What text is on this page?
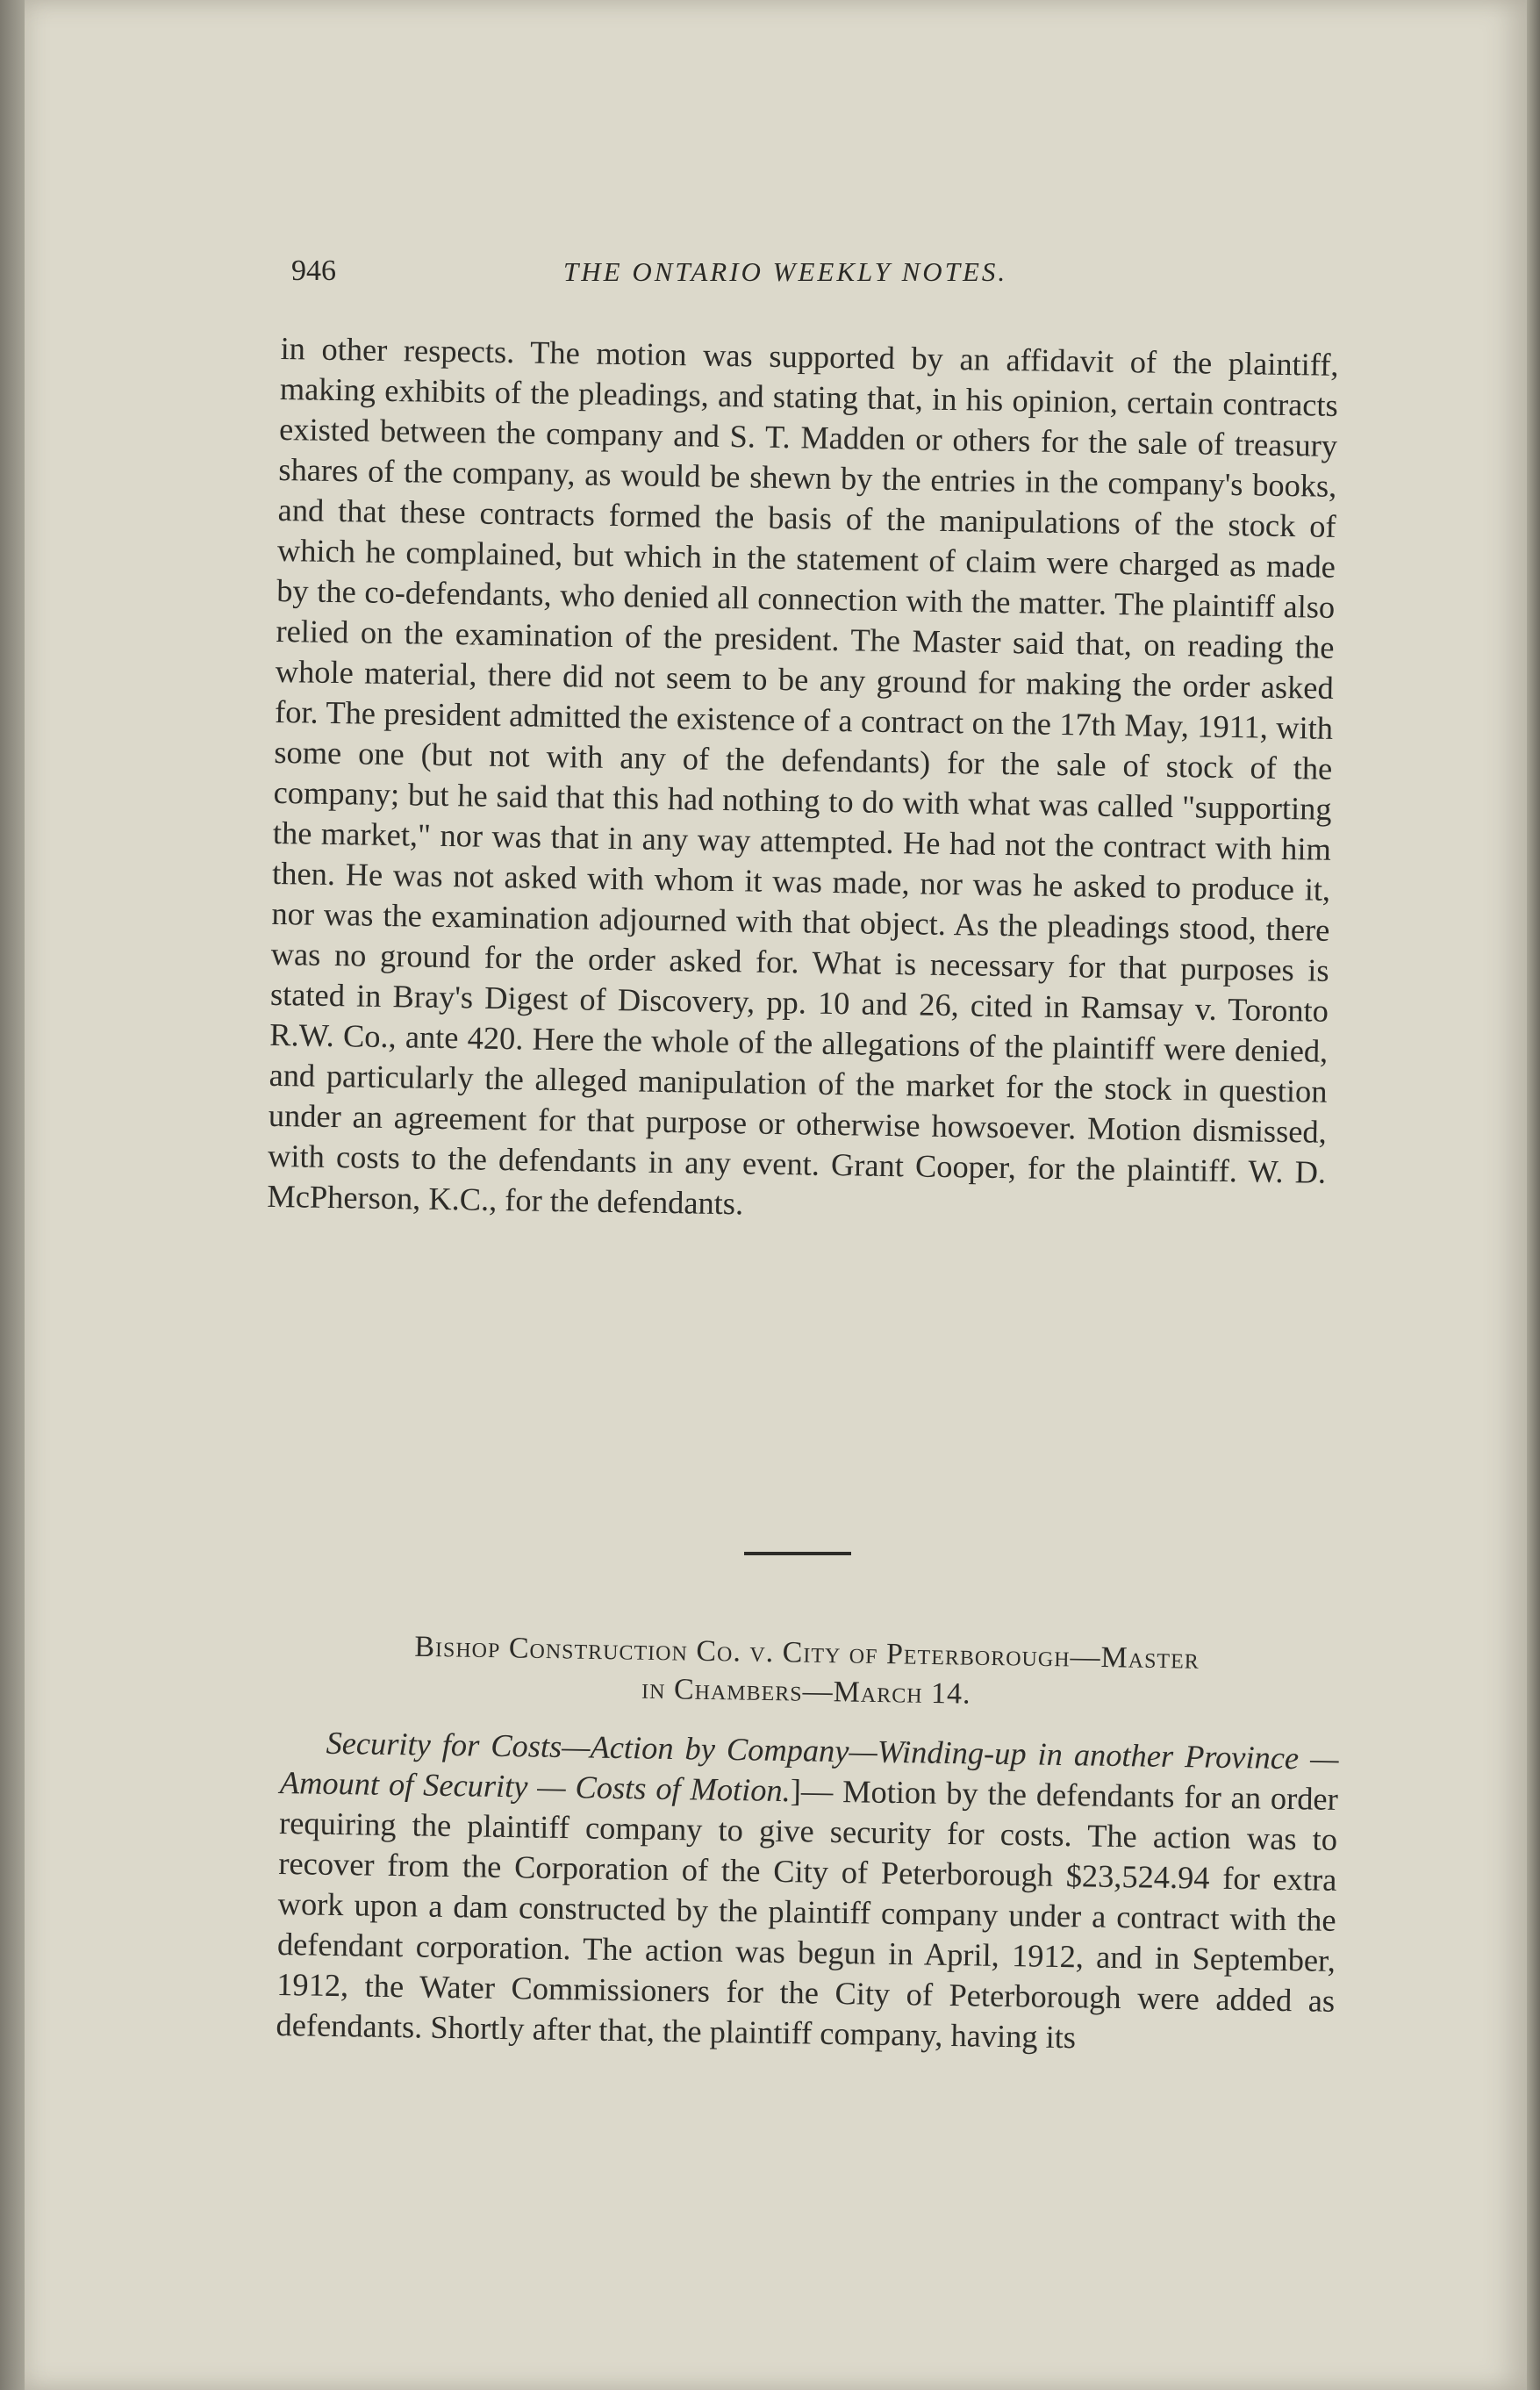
946	THE ONTARIO WEEKLY NOTES.

in other respects. The motion was supported by an affidavit of the plaintiff, making exhibits of the pleadings, and stating that, in his opinion, certain contracts existed between the company and S. T. Madden or others for the sale of treasury shares of the company, as would be shewn by the entries in the company's books, and that these contracts formed the basis of the manipulations of the stock of which he complained, but which in the statement of claim were charged as made by the co-defendants, who denied all connection with the matter. The plaintiff also relied on the examination of the president. The Master said that, on reading the whole material, there did not seem to be any ground for making the order asked for. The president admitted the existence of a contract on the 17th May, 1911, with some one (but not with any of the defendants) for the sale of stock of the company; but he said that this had nothing to do with what was called "supporting the market," nor was that in any way attempted. He had not the contract with him then. He was not asked with whom it was made, nor was he asked to produce it, nor was the examination adjourned with that object. As the pleadings stood, there was no ground for the order asked for. What is necessary for that purposes is stated in Bray's Digest of Discovery, pp. 10 and 26, cited in Ramsay v. Toronto R.W. Co., ante 420. Here the whole of the allegations of the plaintiff were denied, and particularly the alleged manipulation of the market for the stock in question under an agreement for that purpose or otherwise howsoever. Motion dismissed, with costs to the defendants in any event. Grant Cooper, for the plaintiff. W. D. McPherson, K.C., for the defendants.

Bishop Construction Co. v. City of Peterborough—Master
in Chambers—March 14.

Security for Costs—Action by Company—Winding-up in another Province — Amount of Security — Costs of Motion.]— Motion by the defendants for an order requiring the plaintiff company to give security for costs. The action was to recover from the Corporation of the City of Peterborough $23,524.94 for extra work upon a dam constructed by the plaintiff company under a contract with the defendant corporation. The action was begun in April, 1912, and in September, 1912, the Water Commissioners for the City of Peterborough were added as defendants. Shortly after that, the plaintiff company, having its
